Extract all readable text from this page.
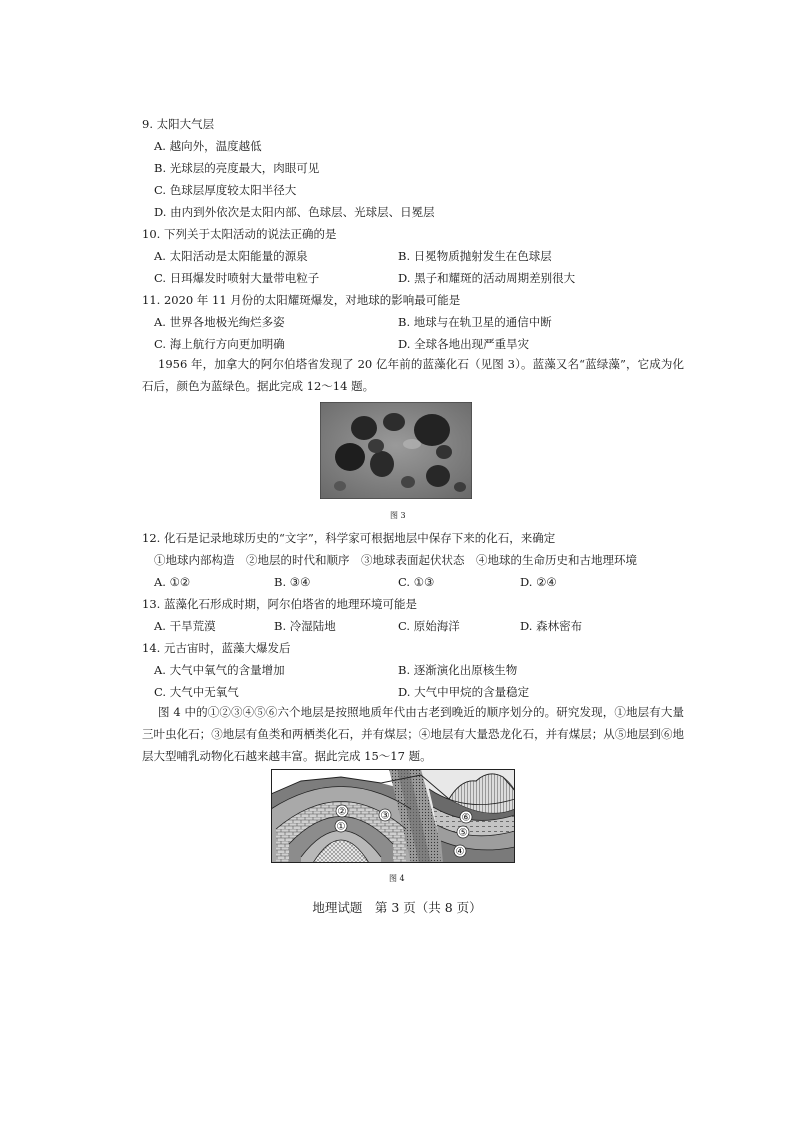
9. 太阳大气层
A. 越向外，温度越低
B. 光球层的亮度最大，肉眼可见
C. 色球层厚度较太阳半径大
D. 由内到外依次是太阳内部、色球层、光球层、日冕层
10. 下列关于太阳活动的说法正确的是
A. 太阳活动是太阳能量的源泉	B. 日冕物质抛射发生在色球层
C. 日珥爆发时喷射大量带电粒子	D. 黑子和耀斑的活动周期差别很大
11. 2020 年 11 月份的太阳耀斑爆发，对地球的影响最可能是
A. 世界各地极光绚烂多姿	B. 地球与在轨卫星的通信中断
C. 海上航行方向更加明确	D. 全球各地出现严重旱灾
1956 年，加拿大的阿尔伯塔省发现了 20 亿年前的蓝藻化石（见图 3）。蓝藻又名“蓝绿藻”，它成为化石后，颜色为蓝绿色。据此完成 12～14 题。
图 3
12. 化石是记录地球历史的“文字”，科学家可根据地层中保存下来的化石，来确定
①地球内部构造　②地层的时代和顺序　③地球表面起伏状态　④地球的生命历史和古地理环境
A. ①②	B. ③④	C. ①③	D. ②④
13. 蓝藻化石形成时期，阿尔伯塔省的地理环境可能是
A. 干旱荒漠	B. 冷湿陆地	C. 原始海洋	D. 森林密布
14. 元古宙时，蓝藻大爆发后
A. 大气中氧气的含量增加	B. 逐渐演化出原核生物
C. 大气中无氧气	D. 大气中甲烷的含量稳定
图 4 中的①②③④⑤⑥六个地层是按照地质年代由古老到晚近的顺序划分的。研究发现，①地层有大量三叶虫化石；③地层有鱼类和两栖类化石，并有煤层；④地层有大量恐龙化石，并有煤层；从⑤地层到⑥地层大型哺乳动物化石越来越丰富。据此完成 15～17 题。
①
②	③
④
⑤
⑥
图 4
地理试题　第 3 页（共 8 页）
